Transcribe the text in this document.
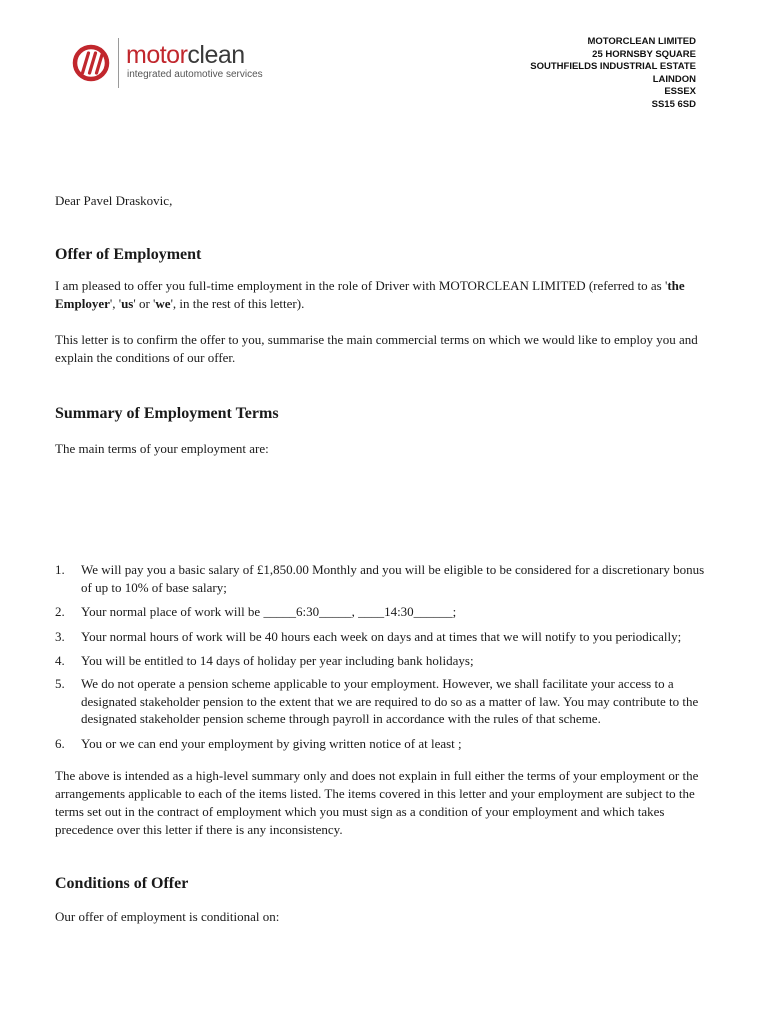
motorclean
integrated automotive services
MOTORCLEAN LIMITED
25 HORNSBY SQUARE
SOUTHFIELDS INDUSTRIAL ESTATE
LAINDON
ESSEX
SS15 6SD
Dear Pavel Draskovic,
Offer of Employment
I am pleased to offer you full-time employment in the role of Driver with MOTORCLEAN LIMITED (referred to as 'the Employer', 'us' or 'we', in the rest of this letter).
This letter is to confirm the offer to you, summarise the main commercial terms on which we would like to employ you and explain the conditions of our offer.
Summary of Employment Terms
The main terms of your employment are:
1. We will pay you a basic salary of £1,850.00 Monthly and you will be eligible to be considered for a discretionary bonus of up to 10% of base salary;
2. Your normal place of work will be _____6:30_____, ____14:30______;
3. Your normal hours of work will be 40 hours each week on days and at times that we will notify to you periodically;
4. You will be entitled to 14 days of holiday per year including bank holidays;
5. We do not operate a pension scheme applicable to your employment. However, we shall facilitate your access to a designated stakeholder pension to the extent that we are required to do so as a matter of law. You may contribute to the designated stakeholder pension scheme through payroll in accordance with the rules of that scheme.
6. You or we can end your employment by giving written notice of at least ;
The above is intended as a high-level summary only and does not explain in full either the terms of your employment or the arrangements applicable to each of the items listed. The items covered in this letter and your employment are subject to the terms set out in the contract of employment which you must sign as a condition of your employment and which takes precedence over this letter if there is any inconsistency.
Conditions of Offer
Our offer of employment is conditional on:
